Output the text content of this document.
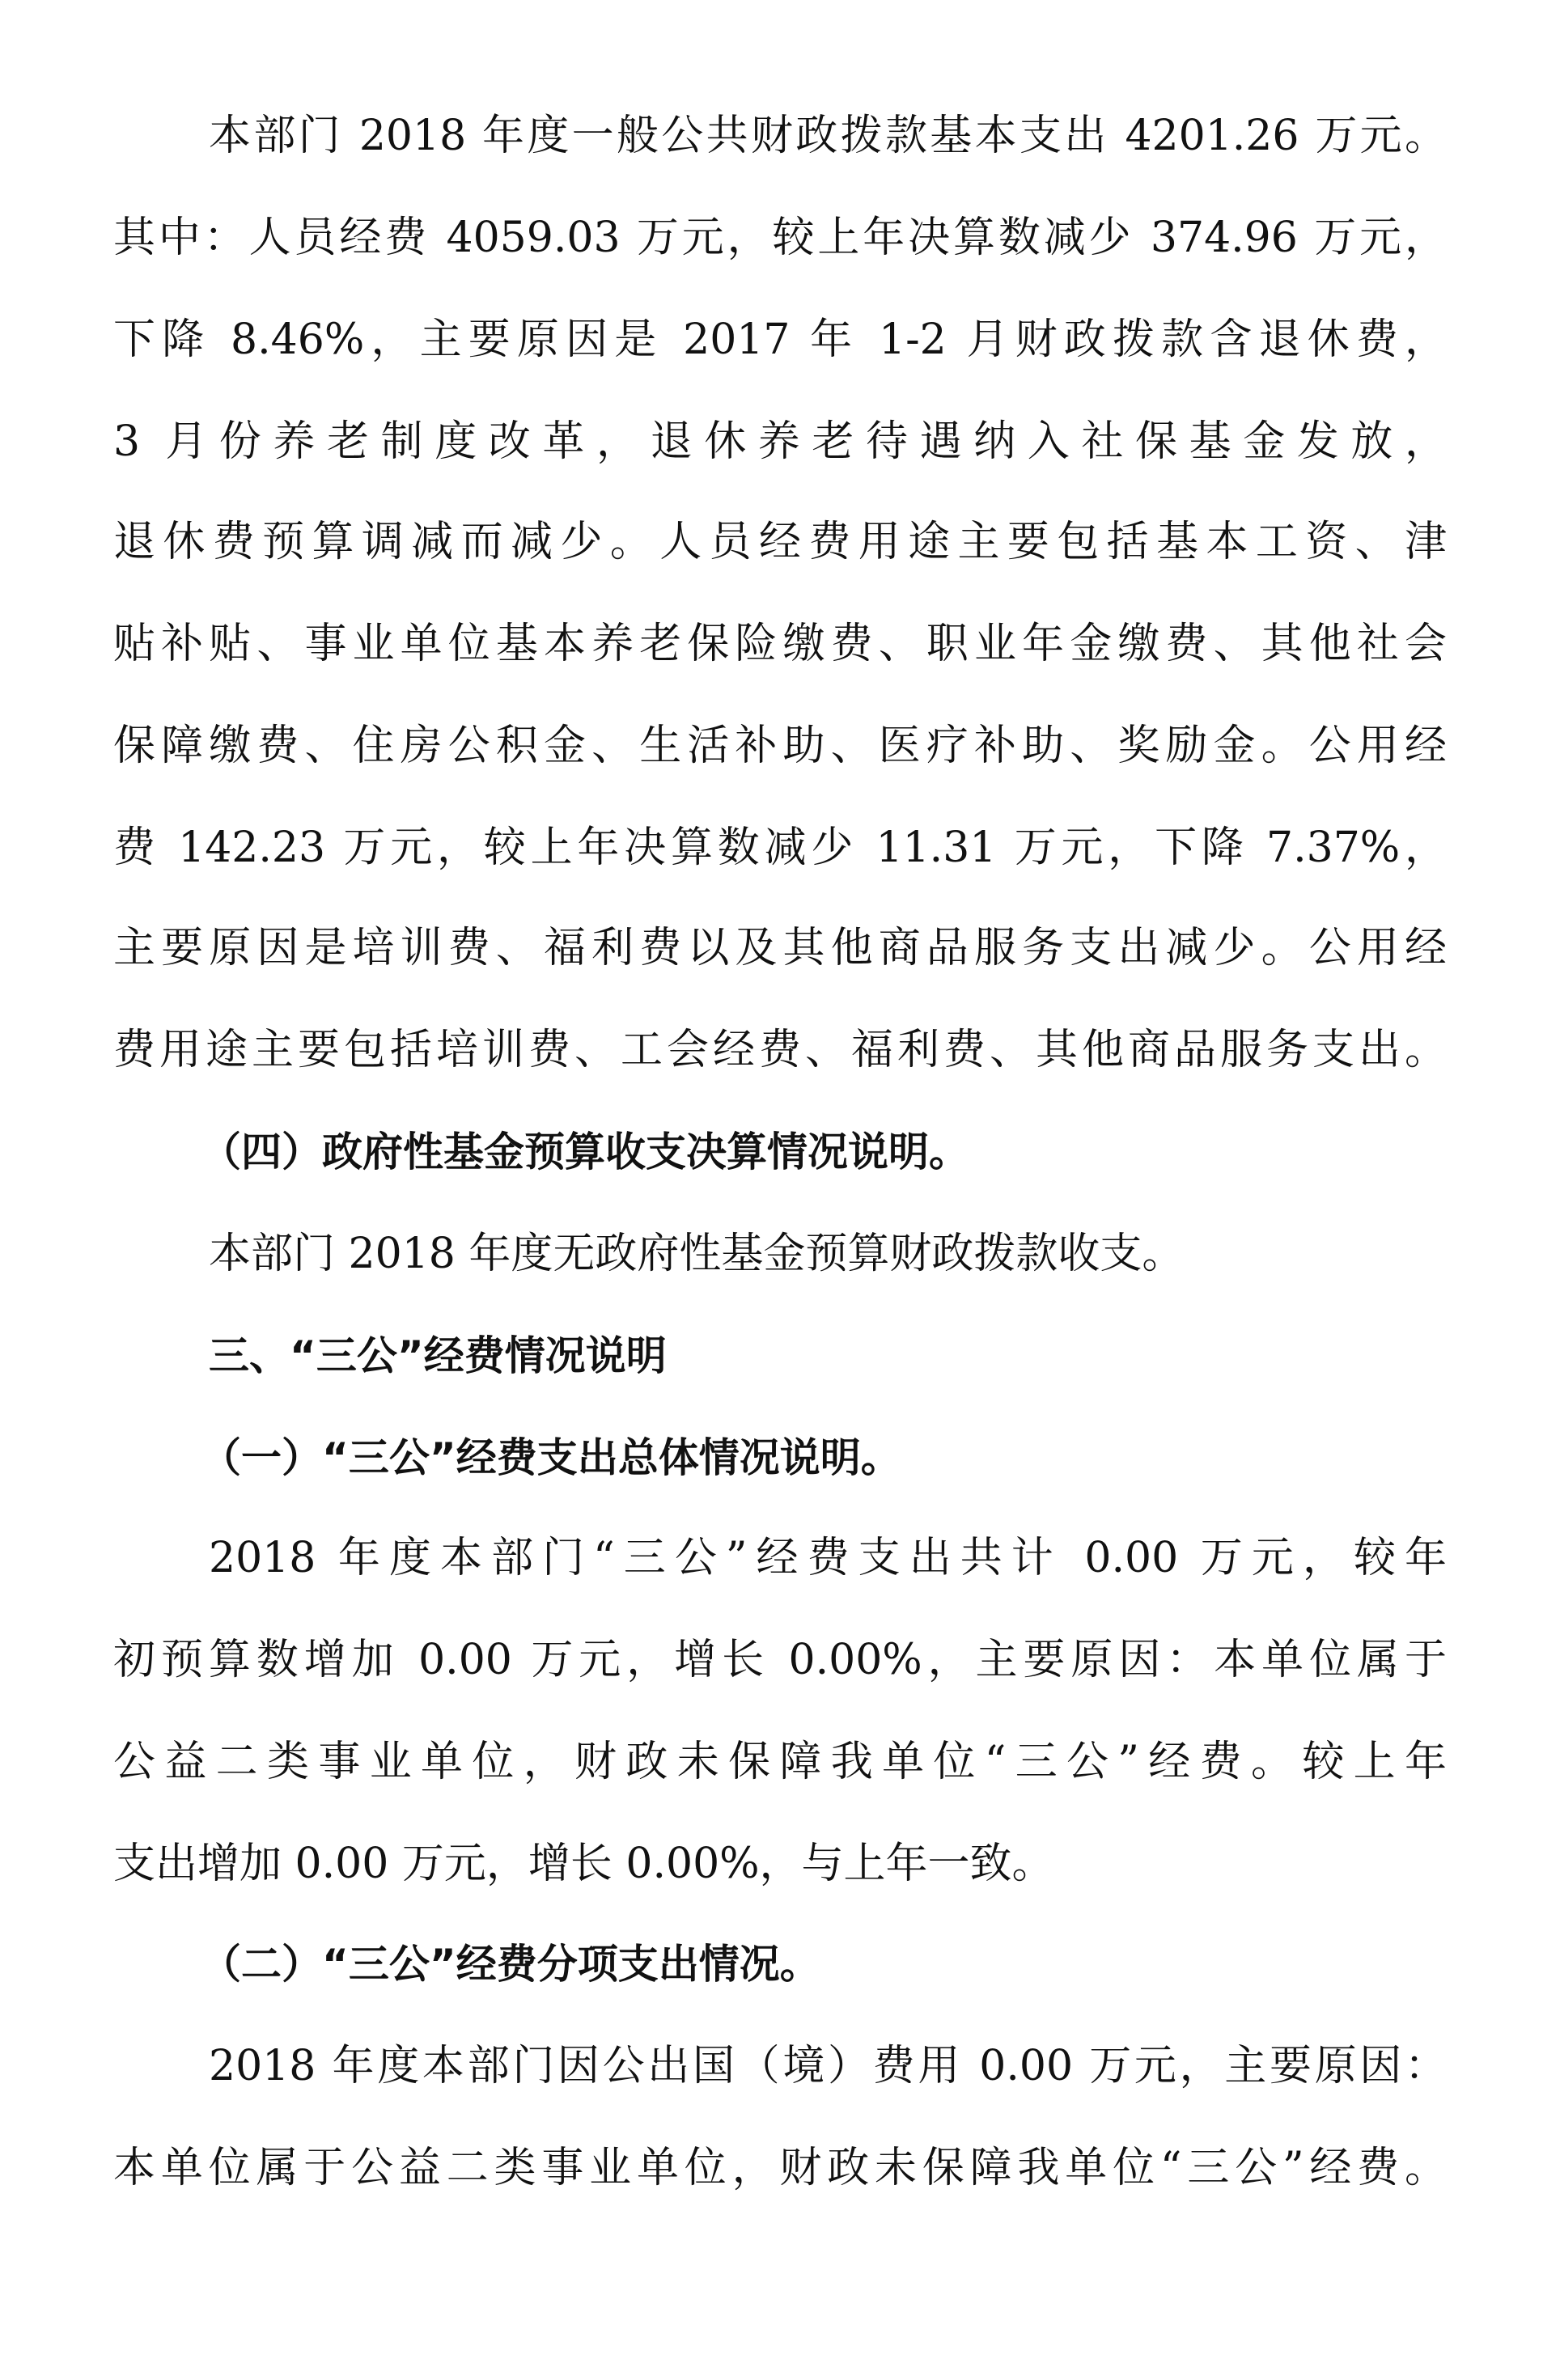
本部门 2018 年度一般公共财政拨款基本支出 4201.26 万元。
其中：人员经费 4059.03 万元，较上年决算数减少 374.96 万元，
下降 8.46%，主要原因是 2017 年 1-2 月财政拨款含退休费，
3 月份养老制度改革，退休养老待遇纳入社保基金发放，
退休费预算调减而减少。人员经费用途主要包括基本工资、津
贴补贴、事业单位基本养老保险缴费、职业年金缴费、其他社会
保障缴费、住房公积金、生活补助、医疗补助、奖励金。公用经
费 142.23 万元，较上年决算数减少 11.31 万元，下降 7.37%，
主要原因是培训费、福利费以及其他商品服务支出减少。公用经
费用途主要包括培训费、工会经费、福利费、其他商品服务支出。
（四）政府性基金预算收支决算情况说明。
本部门 2018 年度无政府性基金预算财政拨款收支。
三、“三公”经费情况说明
（一）“三公”经费支出总体情况说明。
2018 年度本部门“三公”经费支出共计 0.00 万元，较年
初预算数增加 0.00 万元，增长 0.00%，主要原因：本单位属于
公益二类事业单位，财政未保障我单位“三公”经费。较上年
支出增加 0.00 万元，增长 0.00%，与上年一致。
（二）“三公”经费分项支出情况。
2018 年度本部门因公出国（境）费用 0.00 万元，主要原因：
本单位属于公益二类事业单位，财政未保障我单位“三公”经费。
